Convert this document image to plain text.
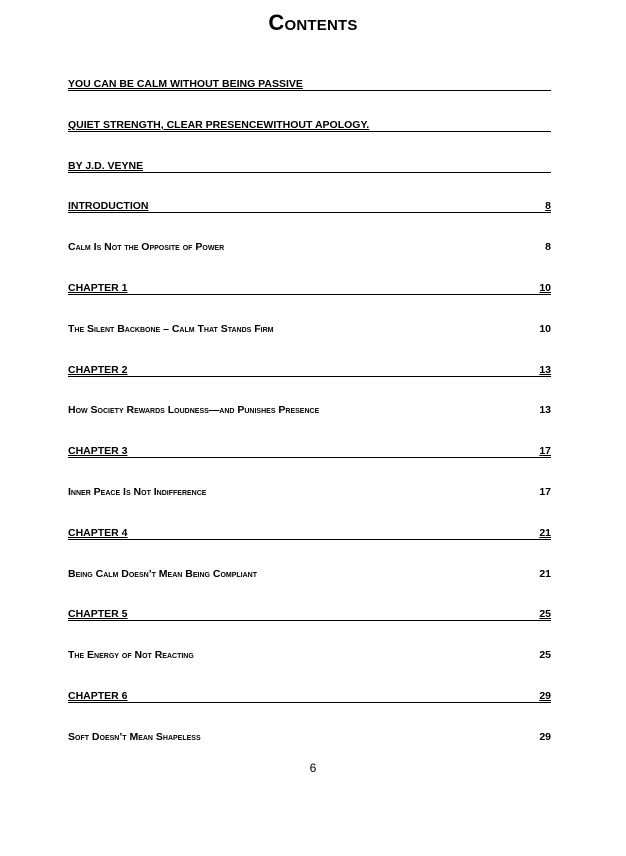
Contents
YOU CAN BE CALM WITHOUT BEING PASSIVE
QUIET STRENGTH, CLEAR PRESENCEWITHOUT APOLOGY.
BY J.D. VEYNE
INTRODUCTION	8
Calm Is Not the Opposite of Power	8
CHAPTER 1	10
The Silent Backbone – Calm That Stands Firm	10
CHAPTER 2	13
How Society Rewards Loudness—and Punishes Presence	13
CHAPTER 3	17
Inner Peace Is Not Indifference	17
CHAPTER 4	21
Being Calm Doesn’t Mean Being Compliant	21
CHAPTER 5	25
The Energy of Not Reacting	25
CHAPTER 6	29
Soft Doesn’t Mean Shapeless	29
6
